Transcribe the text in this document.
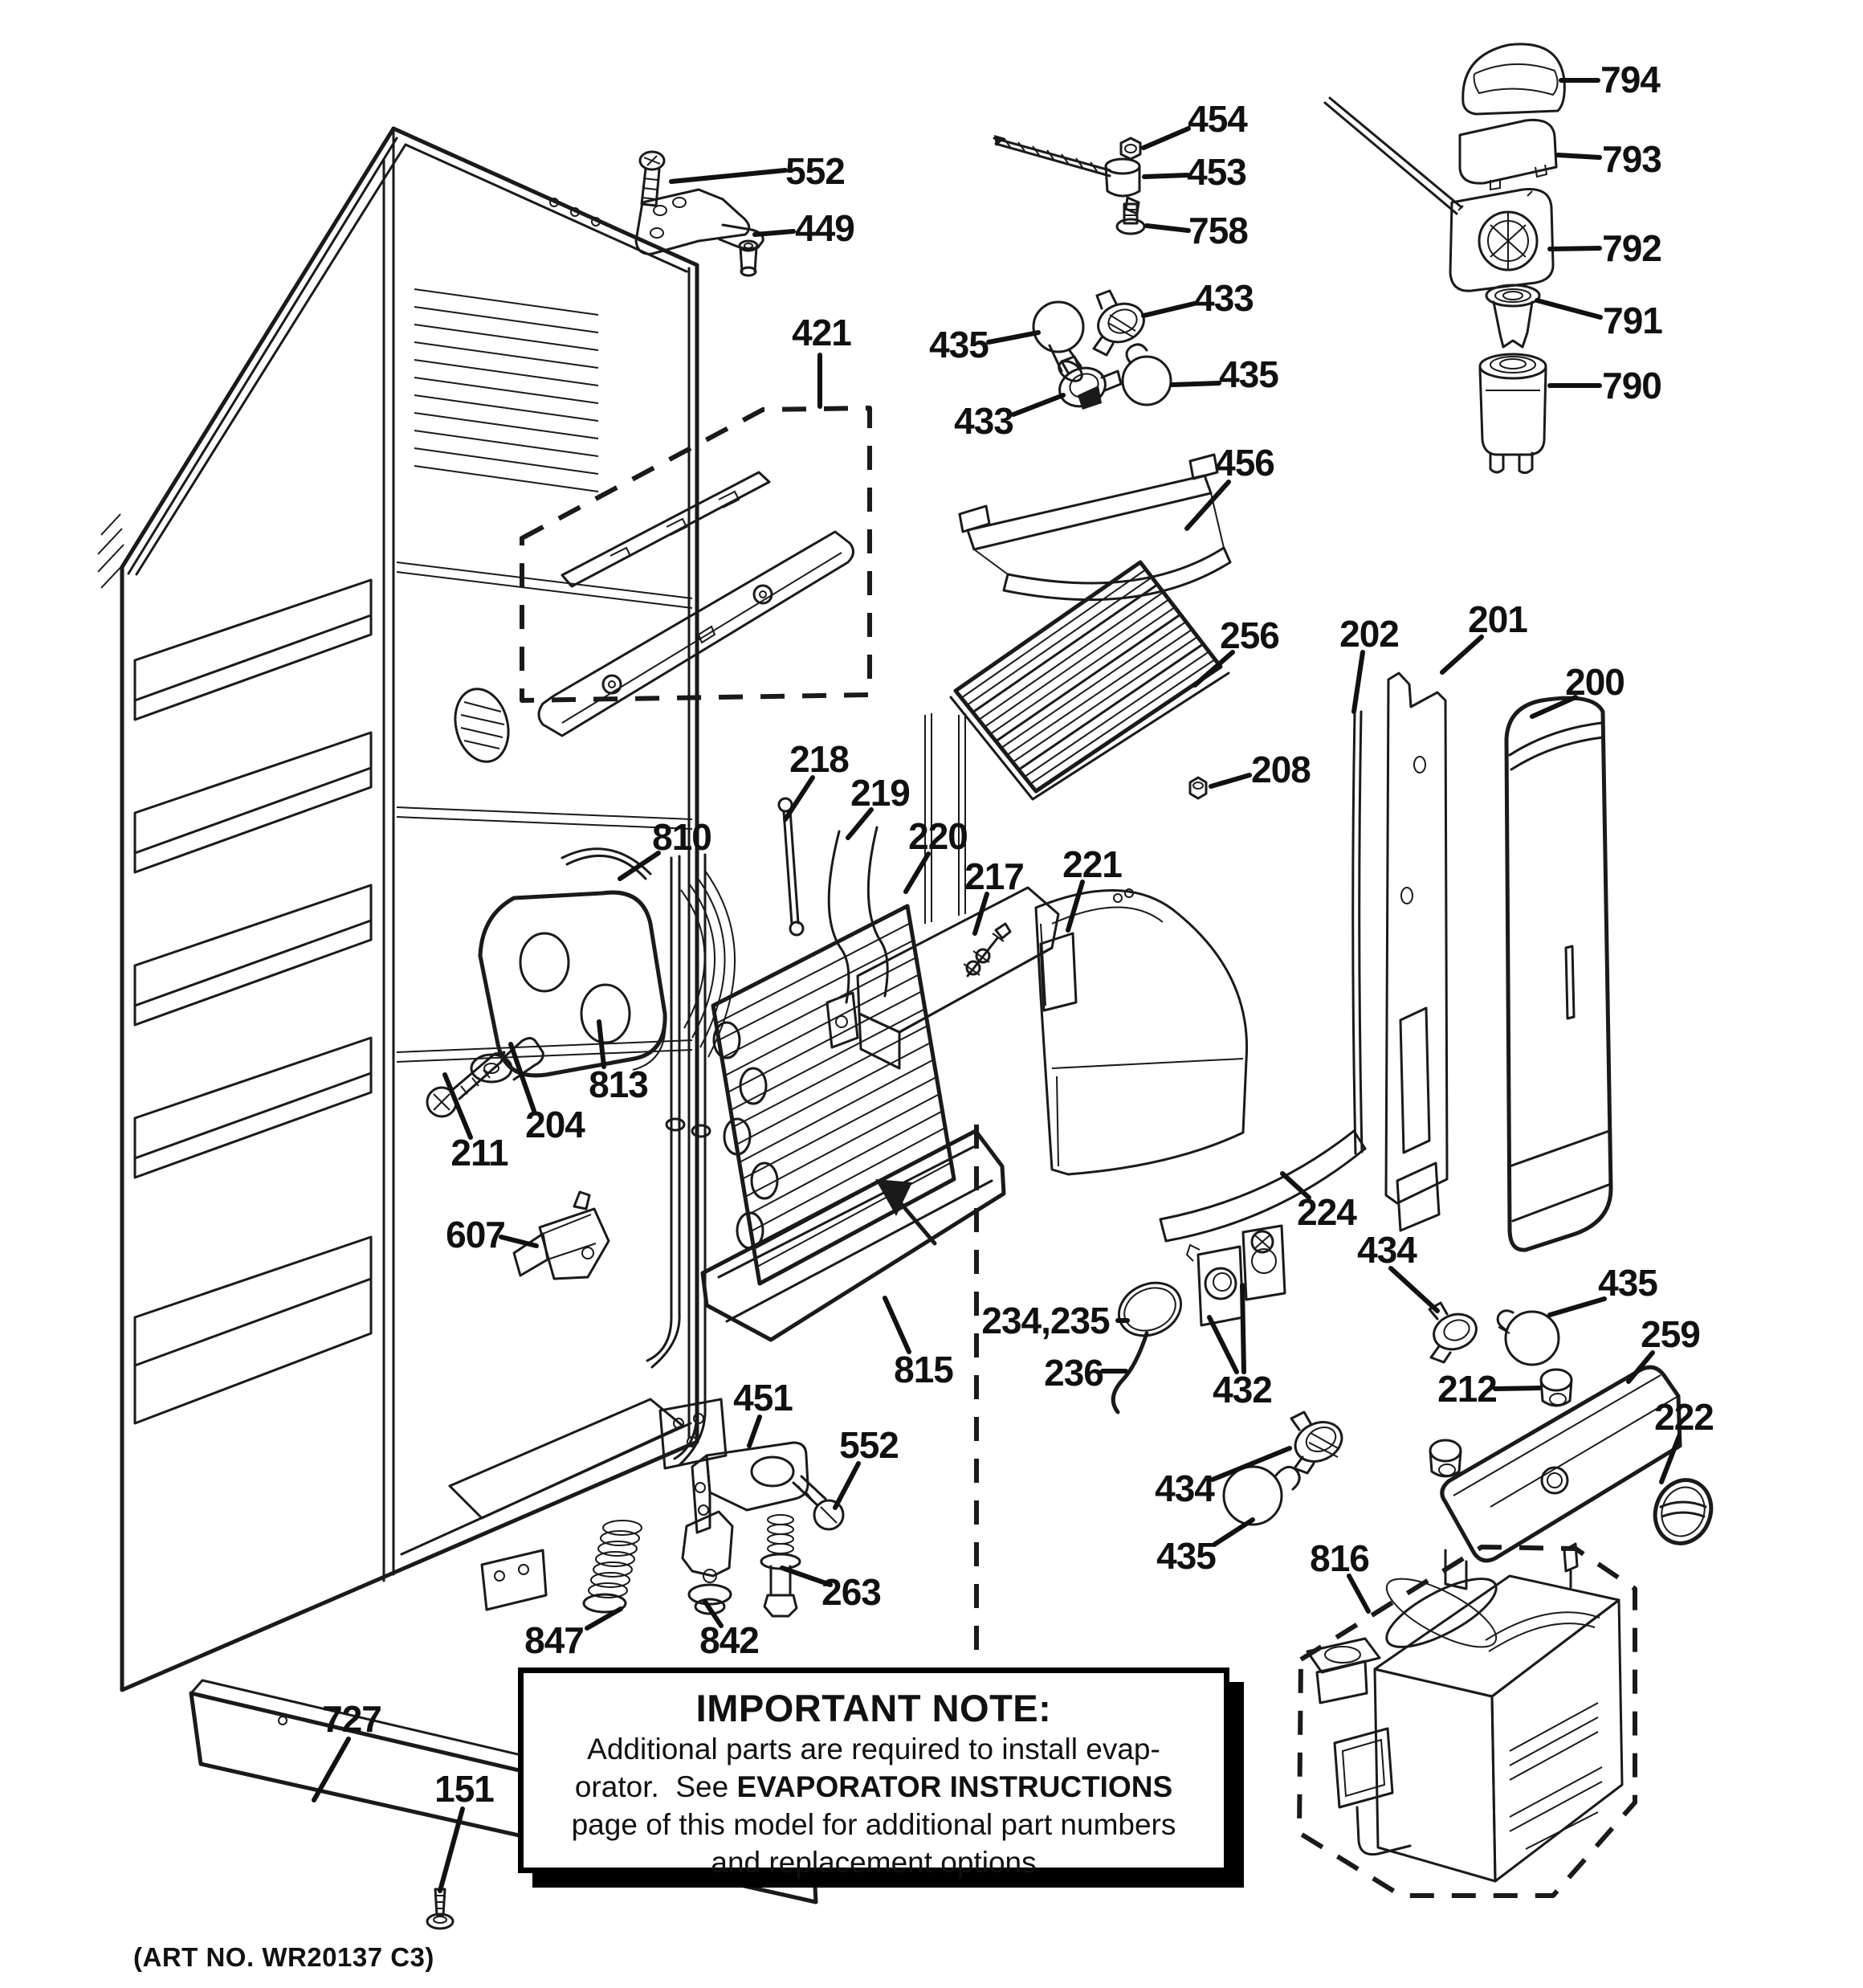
552
449
421
454
453
758
433
435
433
435
456
794
793
792
791
790
256
208
202 201
200
218
219
220
217 221
810
813
204
211
607
815
234,235
236	432
224
434
435
259
212
222
434
435	816
451
552
263
847	842
727
151
IMPORTANT NOTE:
Additional parts are required to install evap-
orator.  See EVAPORATOR INSTRUCTIONS
page of this model for additional part numbers
and replacement options
(ART NO. WR20137 C3)
